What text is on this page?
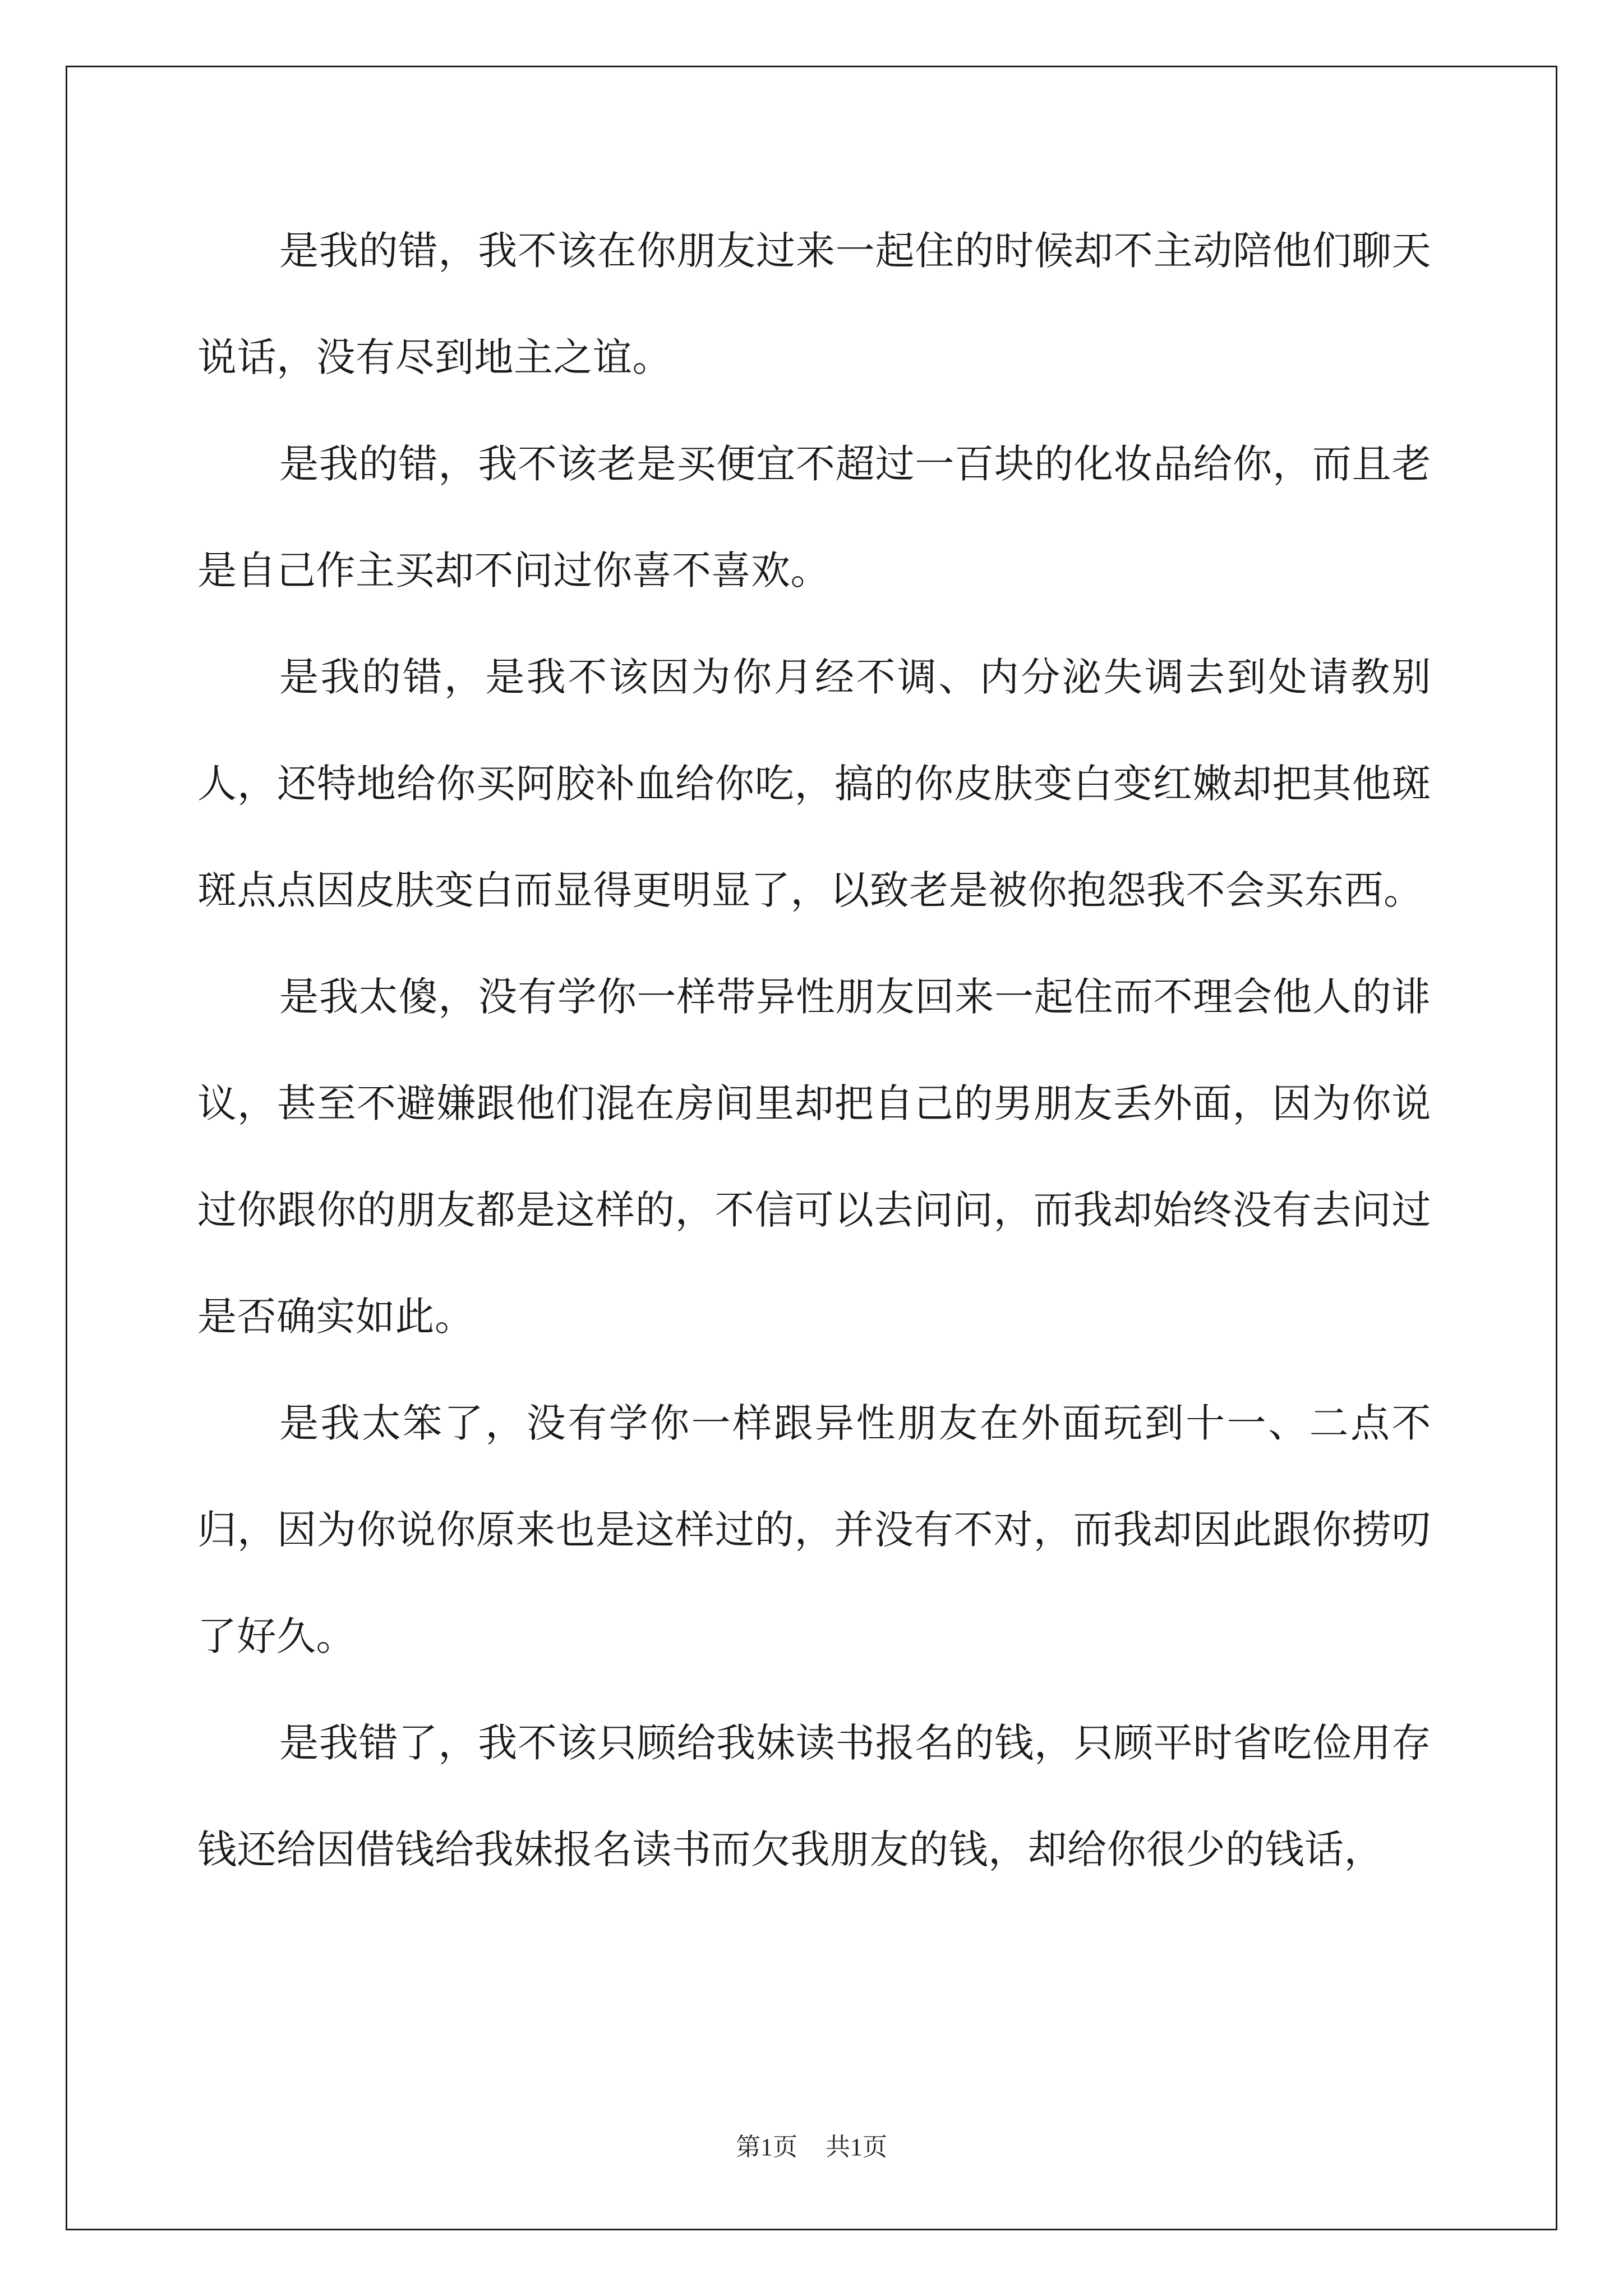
是我的错，我不该在你朋友过来一起住的时候却不主动陪他们聊天说话，没有尽到地主之谊。

是我的错，我不该老是买便宜不超过一百块的化妆品给你，而且老是自己作主买却不问过你喜不喜欢。

是我的错，是我不该因为你月经不调、内分泌失调去到处请教别人，还特地给你买阿胶补血给你吃，搞的你皮肤变白变红嫩却把其他斑斑点点因皮肤变白而显得更明显了，以致老是被你抱怨我不会买东西。

是我太傻，没有学你一样带异性朋友回来一起住而不理会他人的诽议，甚至不避嫌跟他们混在房间里却把自己的男朋友丢外面，因为你说过你跟你的朋友都是这样的，不信可以去问问，而我却始终没有去问过是否确实如此。

是我太笨了，没有学你一样跟异性朋友在外面玩到十一、二点不归，因为你说你原来也是这样过的，并没有不对，而我却因此跟你捞叨了好久。

是我错了，我不该只顾给我妹读书报名的钱，只顾平时省吃俭用存钱还给因借钱给我妹报名读书而欠我朋友的钱，却给你很少的钱话，

第1页 共1页
